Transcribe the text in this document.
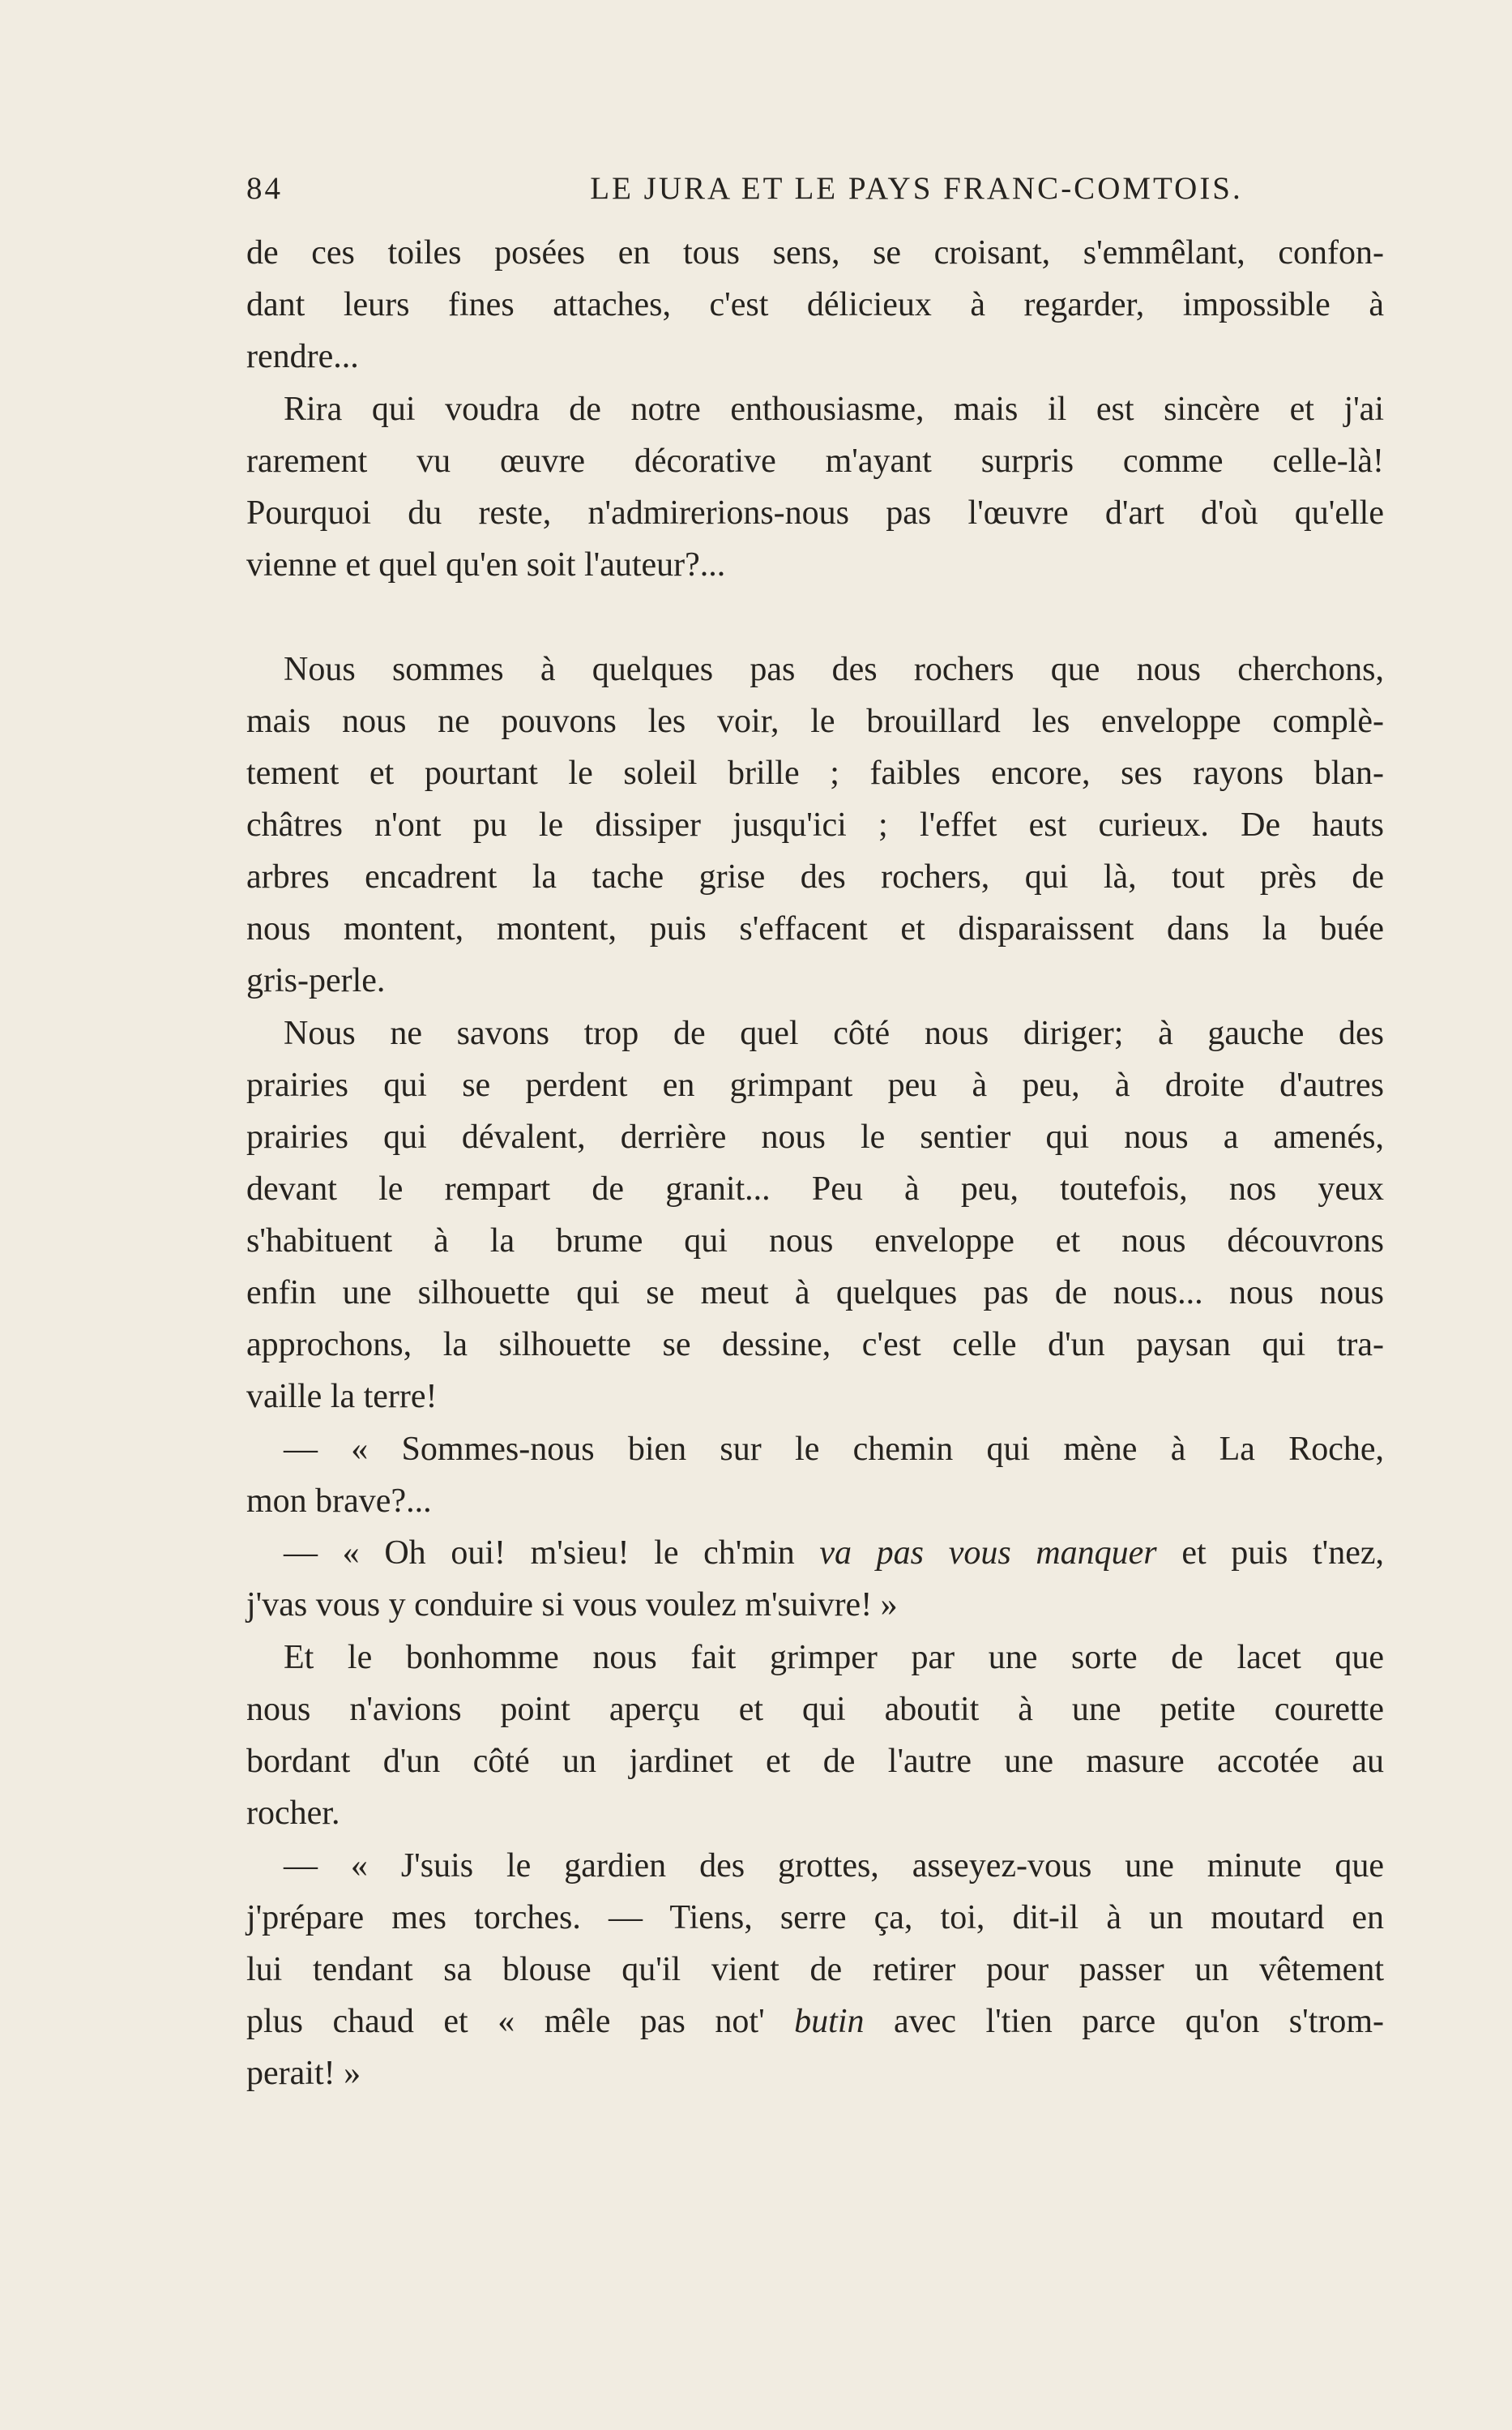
84	LE JURA ET LE PAYS FRANC-COMTOIS.
de ces toiles posées en tous sens, se croisant, s'emmêlant, confon-
dant leurs fines attaches, c'est délicieux à regarder, impossible à
rendre...
Rira qui voudra de notre enthousiasme, mais il est sincère et j'ai
rarement vu œuvre décorative m'ayant surpris comme celle-là!
Pourquoi du reste, n'admirerions-nous pas l'œuvre d'art d'où qu'elle
vienne et quel qu'en soit l'auteur?...
Nous sommes à quelques pas des rochers que nous cherchons,
mais nous ne pouvons les voir, le brouillard les enveloppe complè-
tement et pourtant le soleil brille ; faibles encore, ses rayons blan-
châtres n'ont pu le dissiper jusqu'ici ; l'effet est curieux. De hauts
arbres encadrent la tache grise des rochers, qui là, tout près de
nous montent, montent, puis s'effacent et disparaissent dans la buée
gris-perle.
Nous ne savons trop de quel côté nous diriger; à gauche des
prairies qui se perdent en grimpant peu à peu, à droite d'autres
prairies qui dévalent, derrière nous le sentier qui nous a amenés,
devant le rempart de granit... Peu à peu, toutefois, nos yeux
s'habituent à la brume qui nous enveloppe et nous découvrons
enfin une silhouette qui se meut à quelques pas de nous... nous nous
approchons, la silhouette se dessine, c'est celle d'un paysan qui tra-
vaille la terre!
— « Sommes-nous bien sur le chemin qui mène à La Roche,
mon brave?...
— « Oh oui! m'sieu! le ch'min va pas vous manquer et puis t'nez,
j'vas vous y conduire si vous voulez m'suivre! »
Et le bonhomme nous fait grimper par une sorte de lacet que
nous n'avions point aperçu et qui aboutit à une petite courette
bordant d'un côté un jardinet et de l'autre une masure accotée au
rocher.
— « J'suis le gardien des grottes, asseyez-vous une minute que
j'prépare mes torches. — Tiens, serre ça, toi, dit-il à un moutard en
lui tendant sa blouse qu'il vient de retirer pour passer un vêtement
plus chaud et « mêle pas not' butin avec l'tien parce qu'on s'trom-
perait! »
